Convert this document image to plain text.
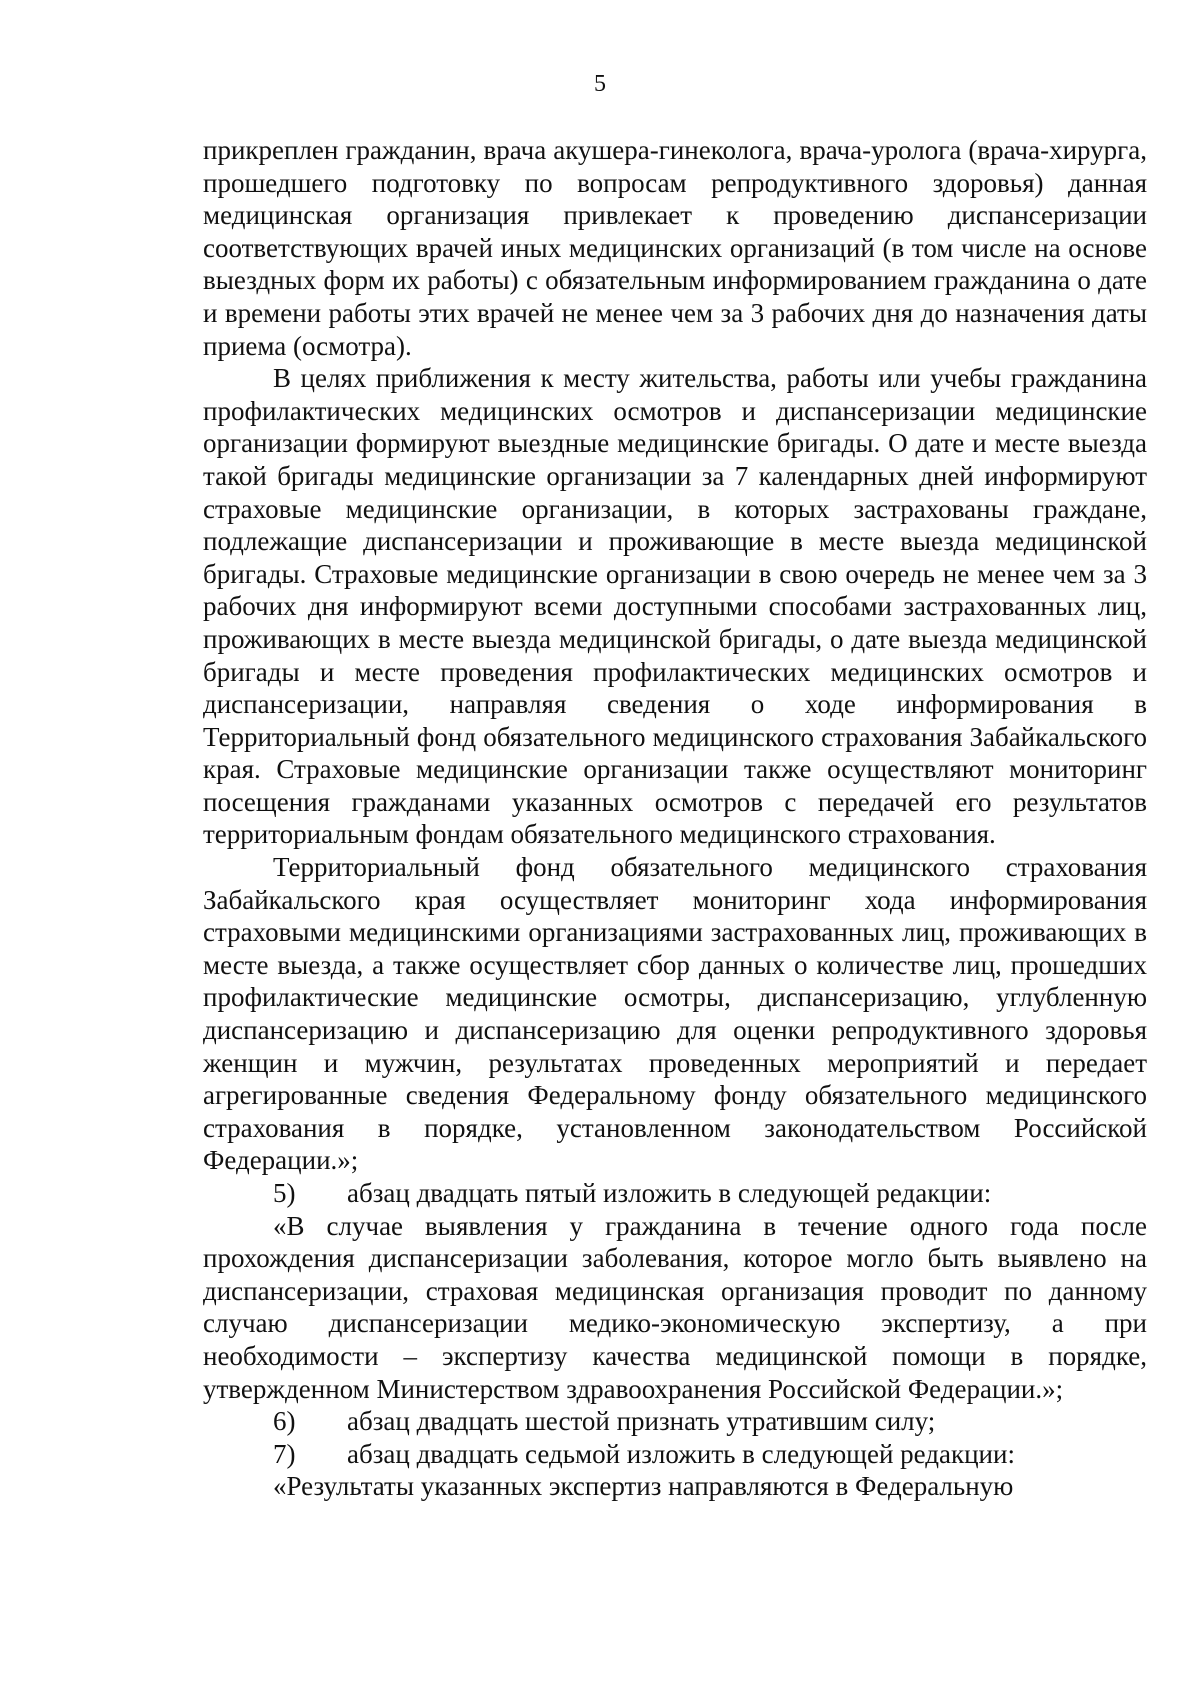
5

прикреплен гражданин, врача акушера-гинеколога, врача-уролога (врача-хирурга, прошедшего подготовку по вопросам репродуктивного здоровья) данная медицинская организация привлекает к проведению диспансеризации соответствующих врачей иных медицинских организаций (в том числе на основе выездных форм их работы) с обязательным информированием гражданина о дате и времени работы этих врачей не менее чем за 3 рабочих дня до назначения даты приема (осмотра).

В целях приближения к месту жительства, работы или учебы гражданина профилактических медицинских осмотров и диспансеризации медицинские организации формируют выездные медицинские бригады. О дате и месте выезда такой бригады медицинские организации за 7 календарных дней информируют страховые медицинские организации, в которых застрахованы граждане, подлежащие диспансеризации и проживающие в месте выезда медицинской бригады. Страховые медицинские организации в свою очередь не менее чем за 3 рабочих дня информируют всеми доступными способами застрахованных лиц, проживающих в месте выезда медицинской бригады, о дате выезда медицинской бригады и месте проведения профилактических медицинских осмотров и диспансеризации, направляя сведения о ходе информирования в Территориальный фонд обязательного медицинского страхования Забайкальского края. Страховые медицинские организации также осуществляют мониторинг посещения гражданами указанных осмотров с передачей его результатов территориальным фондам обязательного медицинского страхования.

Территориальный фонд обязательного медицинского страхования Забайкальского края осуществляет мониторинг хода информирования страховыми медицинскими организациями застрахованных лиц, проживающих в месте выезда, а также осуществляет сбор данных о количестве лиц, прошедших профилактические медицинские осмотры, диспансеризацию, углубленную диспансеризацию и диспансеризацию для оценки репродуктивного здоровья женщин и мужчин, результатах проведенных мероприятий и передает агрегированные сведения Федеральному фонду обязательного медицинского страхования в порядке, установленном законодательством Российской Федерации.»;

5)	абзац двадцать пятый изложить в следующей редакции:

«В случае выявления у гражданина в течение одного года после прохождения диспансеризации заболевания, которое могло быть выявлено на диспансеризации, страховая медицинская организация проводит по данному случаю диспансеризации медико-экономическую экспертизу, а при необходимости – экспертизу качества медицинской помощи в порядке, утвержденном Министерством здравоохранения Российской Федерации.»;

6)	абзац двадцать шестой признать утратившим силу;
7)	абзац двадцать седьмой изложить в следующей редакции:

«Результаты указанных экспертиз направляются в Федеральную
